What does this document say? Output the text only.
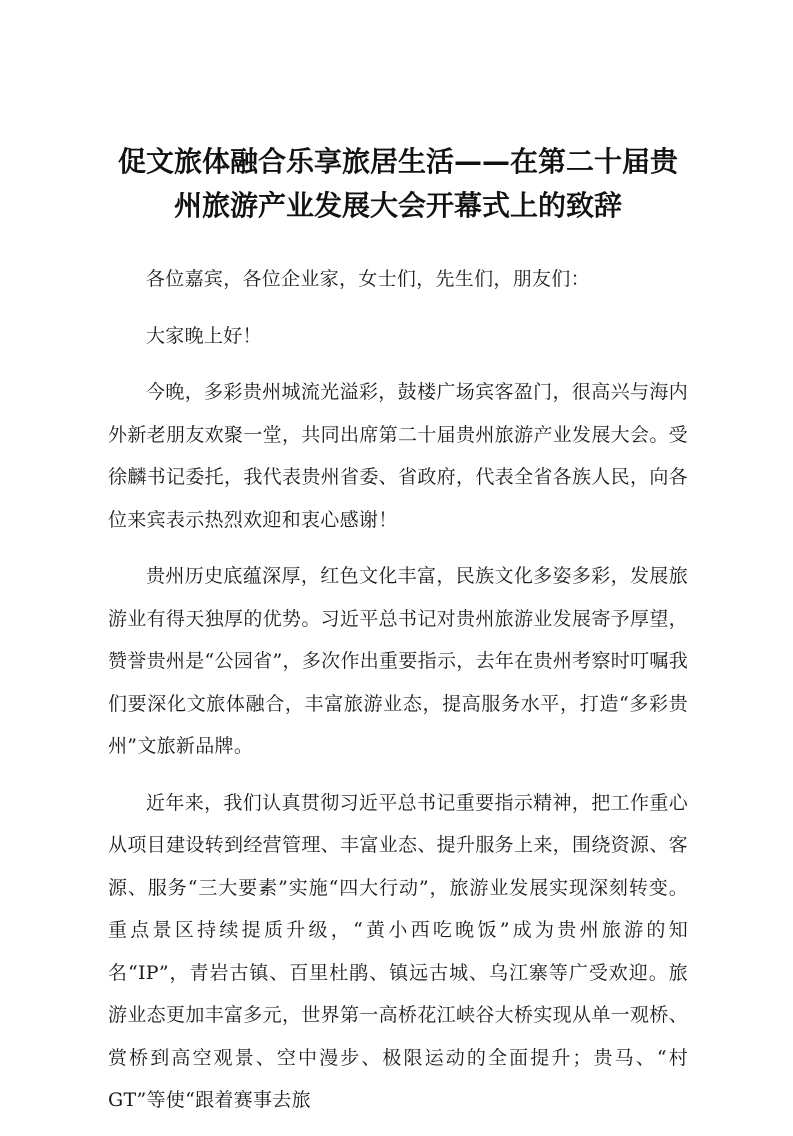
促文旅体融合乐享旅居生活——在第二十届贵
州旅游产业发展大会开幕式上的致辞

各位嘉宾，各位企业家，女士们，先生们，朋友们：

大家晚上好！

今晚，多彩贵州城流光溢彩，鼓楼广场宾客盈门，很高兴与海内外新老朋友欢聚一堂，共同出席第二十届贵州旅游产业发展大会。受徐麟书记委托，我代表贵州省委、省政府，代表全省各族人民，向各位来宾表示热烈欢迎和衷心感谢！

贵州历史底蕴深厚，红色文化丰富，民族文化多姿多彩，发展旅游业有得天独厚的优势。习近平总书记对贵州旅游业发展寄予厚望，赞誉贵州是“公园省”，多次作出重要指示，去年在贵州考察时叮嘱我们要深化文旅体融合，丰富旅游业态，提高服务水平，打造“多彩贵州”文旅新品牌。

近年来，我们认真贯彻习近平总书记重要指示精神，把工作重心从项目建设转到经营管理、丰富业态、提升服务上来，围绕资源、客源、服务“三大要素”实施“四大行动”，旅游业发展实现深刻转变。重点景区持续提质升级，“黄小西吃晚饭”成为贵州旅游的知名“IP”，青岩古镇、百里杜鹃、镇远古城、乌江寨等广受欢迎。旅游业态更加丰富多元，世界第一高桥花江峡谷大桥实现从单一观桥、赏桥到高空观景、空中漫步、极限运动的全面提升；贵马、“村GT”等使“跟着赛事去旅
